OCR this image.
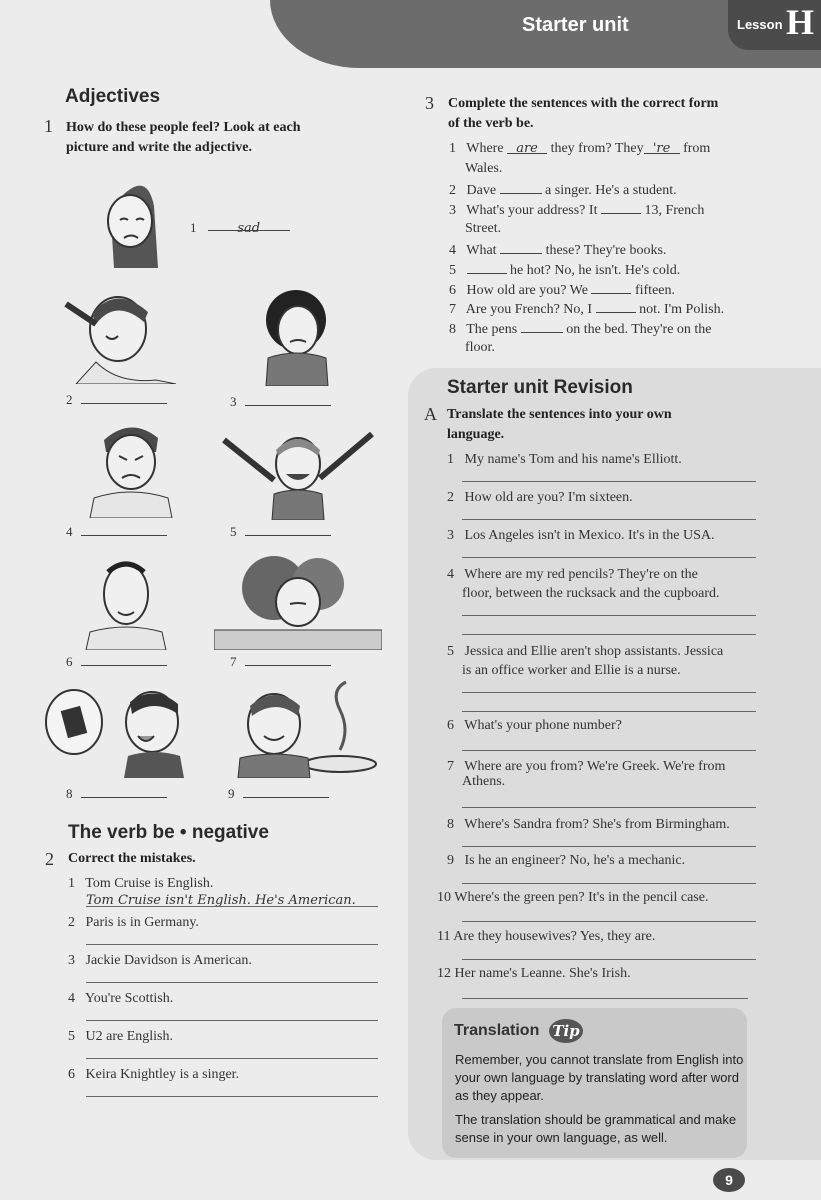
Starter unit	Lesson H
Adjectives
1 How do these people feel? Look at each
picture and write the adjective.
1	sad
2	3
4	5
6	7
8	9
The verb be • negative
2 Correct the mistakes.
1 Tom Cruise is English.
Tom Cruise isn't English. He's American.
2 Paris is in Germany.
3 Jackie Davidson is American.
4 You're Scottish.
5 U2 are English.
6 Keira Knightley is a singer.
3 Complete the sentences with the correct form
of the verb be.
1 Where are they from? They 're from
Wales.
2 Dave	a singer. He's a student.
3 What's your address? It	13, French
Street.
4 What	these? They're books.
5	he hot? No, he isn't. He's cold.
6 How old are you? We	fifteen.
7 Are you French? No, I	not. I'm Polish.
8 The pens	on the bed. They're on the
floor.
Starter unit Revision
A Translate the sentences into your own
language.
1 My name's Tom and his name's Elliott.
2 How old are you? I'm sixteen.
3 Los Angeles isn't in Mexico. It's in the USA.
4 Where are my red pencils? They're on the
floor, between the rucksack and the cupboard.
5 Jessica and Ellie aren't shop assistants. Jessica
is an office worker and Ellie is a nurse.
6 What's your phone number?
7 Where are you from? We're Greek. We're from
Athens.
8 Where's Sandra from? She's from Birmingham.
9 Is he an engineer? No, he's a mechanic.
10 Where's the green pen? It's in the pencil case.
11 Are they housewives? Yes, they are.
12 Her name's Leanne. She's Irish.
Translation Tip
Remember, you cannot translate from English into
your own language by translating word after word
as they appear.
The translation should be grammatical and make
sense in your own language, as well.
9
